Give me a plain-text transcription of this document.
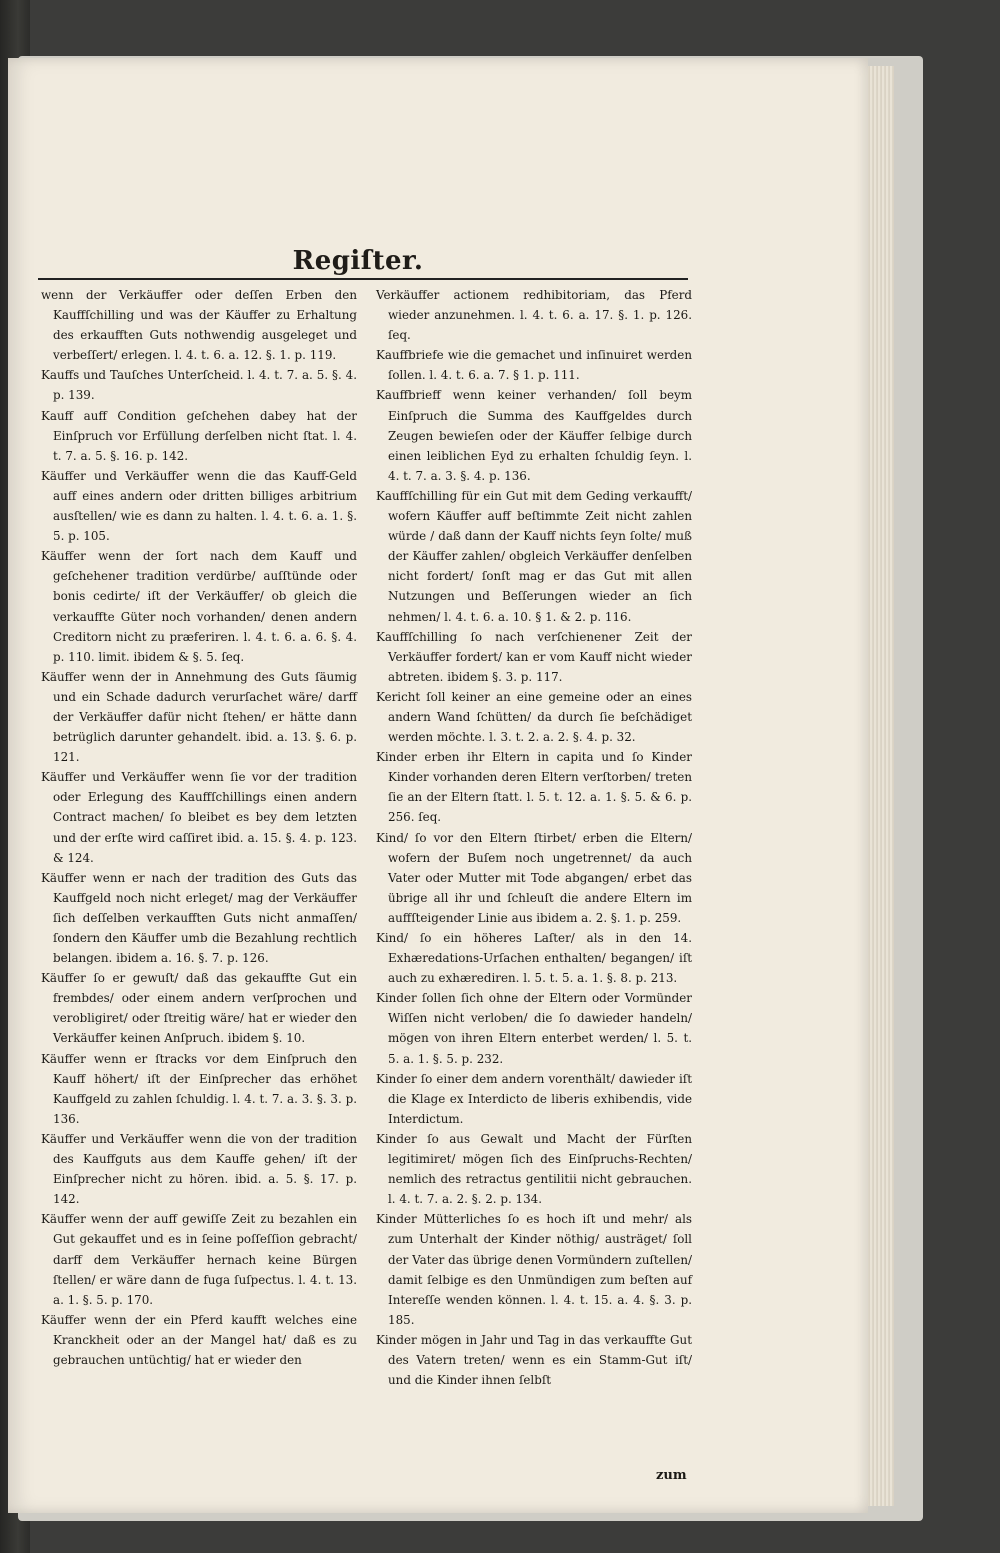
Regiſter.

wenn der Verkäuffer oder deſſen Erben den Kauffſchilling und was der Käuffer zu Erhaltung des erkaufften Guts nothwendig ausgeleget und verbeſſert/ erlegen. l. 4. t. 6. a. 12. §. 1. p. 119.

Kauffs und Tauſches Unterſcheid. l. 4. t. 7. a. 5. §. 4. p. 139.

Kauff auff Condition geſchehen dabey hat der Einſpruch vor Erfüllung derſelben nicht ſtat. l. 4. t. 7. a. 5. §. 16. p. 142.

Käuffer und Verkäuffer wenn die das Kauff-Geld auff eines andern oder dritten billiges arbitrium ausſtellen/ wie es dann zu halten. l. 4. t. 6. a. 1. §. 5. p. 105.

Käuffer wenn der ſort nach dem Kauff und geſchehener tradition verdürbe/ auſſtünde oder bonis cedirte/ iſt der Verkäuffer/ ob gleich die verkauffte Güter noch vorhanden/ denen andern Creditorn nicht zu præferiren. l. 4. t. 6. a. 6. §. 4. p. 110. limit. ibidem & §. 5. ſeq.

Käuffer wenn der in Annehmung des Guts ſäumig und ein Schade dadurch verurſachet wäre/ darff der Verkäuffer dafür nicht ſtehen/ er hätte dann betrüglich darunter gehandelt. ibid. a. 13. §. 6. p. 121.

Käuffer und Verkäuffer wenn ſie vor der tradition oder Erlegung des Kauffſchillings einen andern Contract machen/ ſo bleibet es bey dem letzten und der erſte wird caſſiret ibid. a. 15. §. 4. p. 123. & 124.

Käuffer wenn er nach der tradition des Guts das Kauffgeld noch nicht erleget/ mag der Verkäuffer ſich deſſelben verkaufften Guts nicht anmaſſen/ ſondern den Käuffer umb die Bezahlung rechtlich belangen. ibidem a. 16. §. 7. p. 126.

Käuffer ſo er gewuſt/ daß das gekauffte Gut ein frembdes/ oder einem andern verſprochen und verobligiret/ oder ſtreitig wäre/ hat er wieder den Verkäuffer keinen Anſpruch. ibidem §. 10.

Käuffer wenn er ſtracks vor dem Einſpruch den Kauff höhert/ iſt der Einſprecher das erhöhet Kauffgeld zu zahlen ſchuldig. l. 4. t. 7. a. 3. §. 3. p. 136.

Käuffer und Verkäuffer wenn die von der tradition des Kauffguts aus dem Kauffe gehen/ iſt der Einſprecher nicht zu hören. ibid. a. 5. §. 17. p. 142.

Käuffer wenn der auff gewiſſe Zeit zu bezahlen ein Gut gekauffet und es in ſeine poſſeſſion gebracht/ darff dem Verkäuffer hernach keine Bürgen ſtellen/ er wäre dann de fuga ſuſpectus. l. 4. t. 13. a. 1. §. 5. p. 170.

Käuffer wenn der ein Pferd kaufft welches eine Kranckheit oder an der Mangel hat/ daß es zu gebrauchen untüchtig/ hat er wieder den

Verkäuffer actionem redhibitoriam, das Pferd wieder anzunehmen. l. 4. t. 6. a. 17. §. 1. p. 126. ſeq.

Kauffbriefe wie die gemachet und inſinuiret werden ſollen. l. 4. t. 6. a. 7. § 1. p. 111.

Kauffbrieff wenn keiner verhanden/ ſoll beym Einſpruch die Summa des Kauffgeldes durch Zeugen bewieſen oder der Käuffer ſelbige durch einen leiblichen Eyd zu erhalten ſchuldig ſeyn. l. 4. t. 7. a. 3. §. 4. p. 136.

Kauffſchilling für ein Gut mit dem Geding verkaufft/ wofern Käuffer auff beſtimmte Zeit nicht zahlen würde / daß dann der Kauff nichts ſeyn ſolte/ muß der Käuffer zahlen/ obgleich Verkäuffer denſelben nicht fordert/ ſonſt mag er das Gut mit allen Nutzungen und Beſſerungen wieder an ſich nehmen/ l. 4. t. 6. a. 10. § 1. & 2. p. 116.

Kauffſchilling ſo nach verſchienener Zeit der Verkäuffer fordert/ kan er vom Kauff nicht wieder abtreten. ibidem §. 3. p. 117.

Kericht ſoll keiner an eine gemeine oder an eines andern Wand ſchütten/ da durch ſie beſchädiget werden möchte. l. 3. t. 2. a. 2. §. 4. p. 32.

Kinder erben ihr Eltern in capita und ſo Kinder Kinder vorhanden deren Eltern verſtorben/ treten ſie an der Eltern ſtatt. l. 5. t. 12. a. 1. §. 5. & 6. p. 256. ſeq.

Kind/ ſo vor den Eltern ſtirbet/ erben die Eltern/ wofern der Buſem noch ungetrennet/ da auch Vater oder Mutter mit Tode abgangen/ erbet das übrige all ihr und ſchleuſt die andere Eltern im auffſteigender Linie aus ibidem a. 2. §. 1. p. 259.

Kind/ ſo ein höheres Laſter/ als in den 14. Exhæredations-Urſachen enthalten/ begangen/ iſt auch zu exhærediren. l. 5. t. 5. a. 1. §. 8. p. 213.

Kinder ſollen ſich ohne der Eltern oder Vormünder Wiſſen nicht verloben/ die ſo dawieder handeln/ mögen von ihren Eltern enterbet werden/ l. 5. t. 5. a. 1. §. 5. p. 232.

Kinder ſo einer dem andern vorenthält/ dawieder iſt die Klage ex Interdicto de liberis exhibendis, vide Interdictum.

Kinder ſo aus Gewalt und Macht der Fürſten legitimiret/ mögen ſich des Einſpruchs-Rechten/ nemlich des retractus gentilitii nicht gebrauchen. l. 4. t. 7. a. 2. §. 2. p. 134.

Kinder Mütterliches ſo es hoch iſt und mehr/ als zum Unterhalt der Kinder nöthig/ austräget/ ſoll der Vater das übrige denen Vormündern zuſtellen/ damit ſelbige es den Unmündigen zum beſten auf Intereſſe wenden können. l. 4. t. 15. a. 4. §. 3. p. 185.

Kinder mögen in Jahr und Tag in das verkauffte Gut des Vatern treten/ wenn es ein Stamm-Gut iſt/ und die Kinder ihnen ſelbſt

zum
